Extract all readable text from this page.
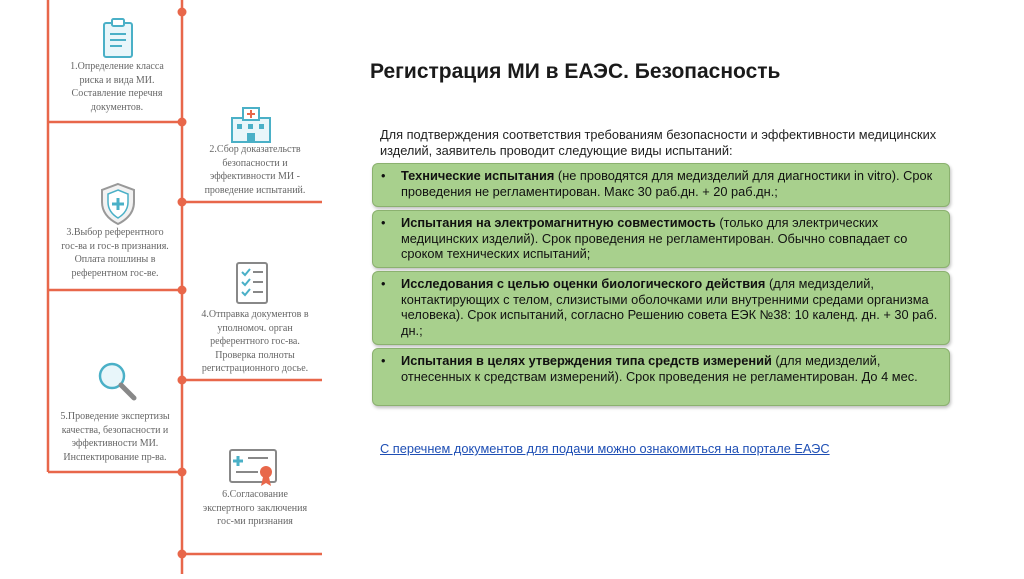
1.Определение класса
риска и вида МИ.
Составление перечня
документов.
2.Сбор доказательств
безопасности и
эффективности МИ -
проведение испытаний.
3.Выбор референтного
гос-ва и гос-в признания.
Оплата пошлины в
референтном гос-ве.
4.Отправка документов в
уполномоч. орган
референтного гос-ва.
Проверка полноты
регистрационного досье.
5.Проведение экспертизы
качества, безопасности и
эффективности МИ.
Инспектирование пр-ва.
6.Согласование
экспертного заключения
гос-ми признания
Регистрация МИ в ЕАЭС. Безопасность
Для подтверждения соответствия требованиям безопасности и эффективности медицинских изделий, заявитель проводит следующие виды испытаний:
• Технические испытания (не проводятся для медизделий для диагностики in vitro). Срок проведения не регламентирован. Макс 30 раб.дн. + 20 раб.дн.;
• Испытания на электромагнитную совместимость (только для электрических медицинских изделий). Срок проведения не регламентирован. Обычно совпадает со сроком технических испытаний;
• Исследования с целью оценки биологического действия (для медизделий, контактирующих с телом, слизистыми оболочками или внутренними средами организма человека). Срок испытаний, согласно Решению совета ЕЭК №38: 10 календ. дн. + 30 раб. дн.;
• Испытания в целях утверждения типа средств измерений (для медизделий, отнесенных к средствам измерений). Срок проведения не регламентирован. До 4 мес.
С перечнем документов для подачи можно ознакомиться на портале ЕАЭС
